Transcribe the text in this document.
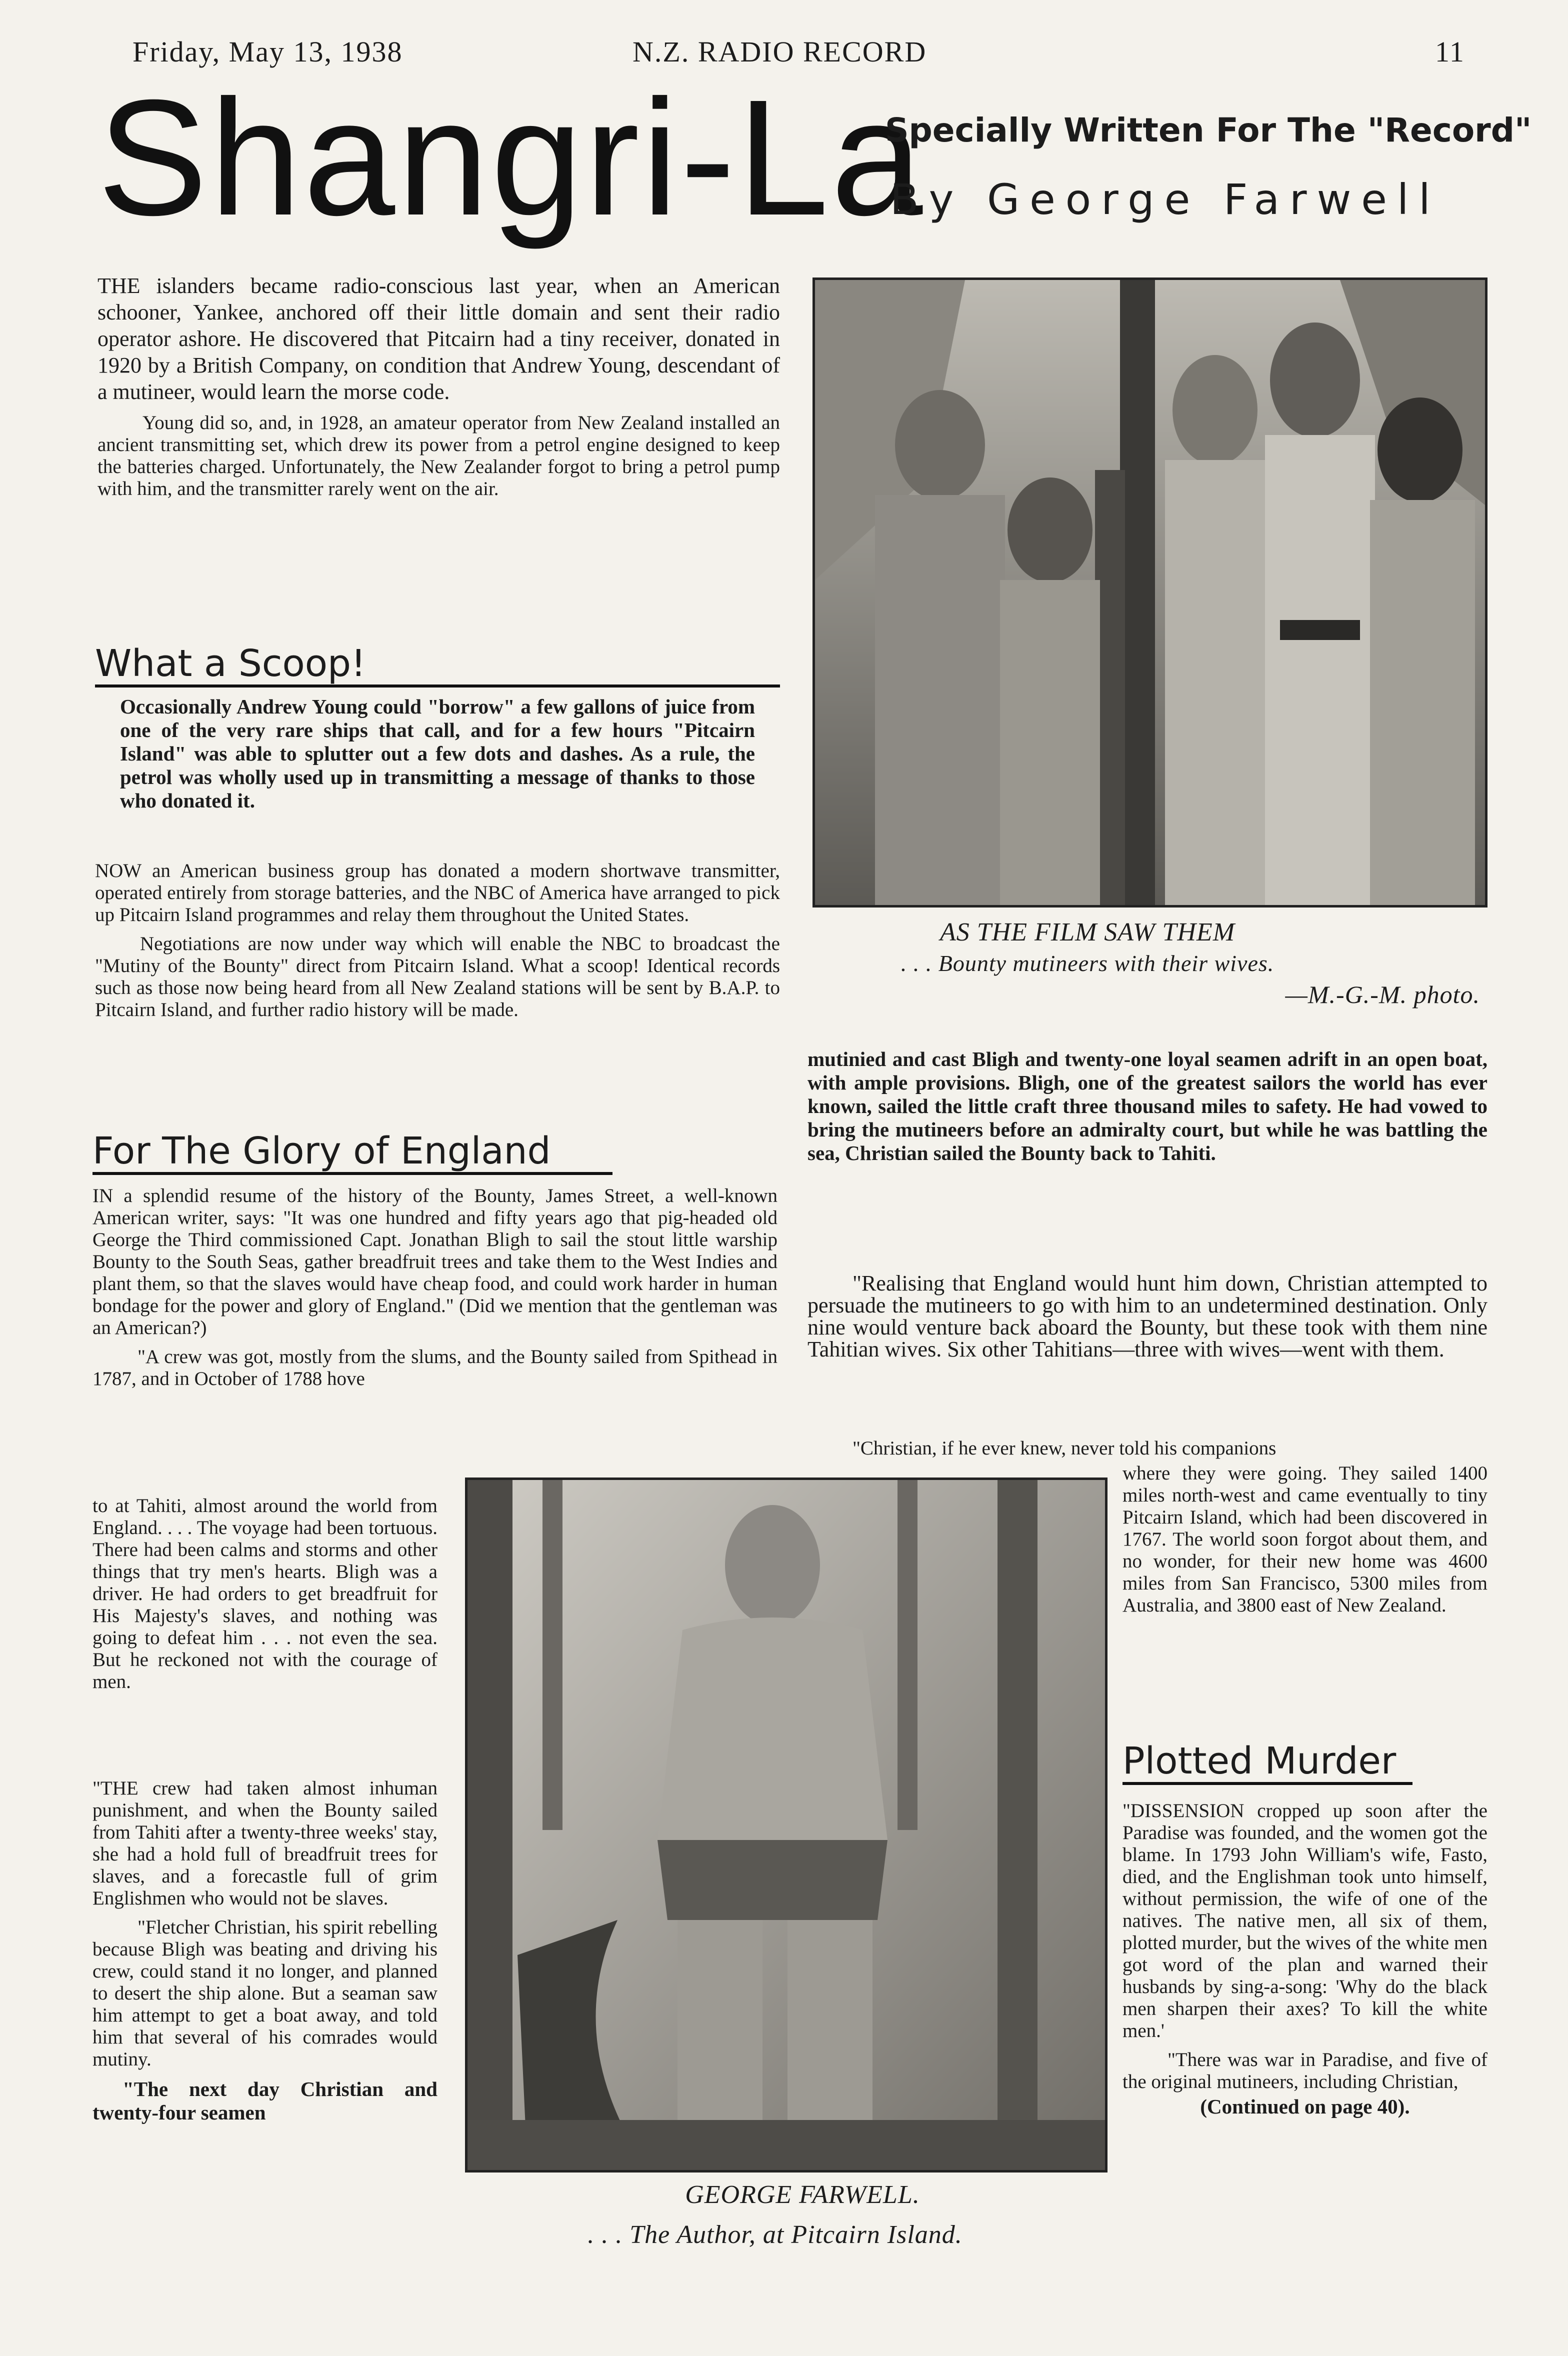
Friday, May 13, 1938	N.Z. RADIO RECORD	11
Shangri-La
Specially Written For The "Record"
By George Farwell

THE islanders became radio-conscious last year, when an American schooner, Yankee, anchored off their little domain and sent their radio operator ashore. He discovered that Pitcairn had a tiny receiver, donated in 1920 by a British Company, on condition that Andrew Young, descendant of a mutineer, would learn the morse code.

Young did so, and, in 1928, an amateur operator from New Zealand installed an ancient transmitting set, which drew its power from a petrol engine designed to keep the batteries charged. Unfortunately, the New Zealander forgot to bring a petrol pump with him, and the transmitter rarely went on the air.

What a Scoop!

Occasionally Andrew Young could "borrow" a few gallons of juice from one of the very rare ships that call, and for a few hours "Pitcairn Island" was able to splutter out a few dots and dashes. As a rule, the petrol was wholly used up in transmitting a message of thanks to those who donated it.

NOW an American business group has donated a modern shortwave transmitter, operated entirely from storage batteries, and the NBC of America have arranged to pick up Pitcairn Island programmes and relay them throughout the United States.

Negotiations are now under way which will enable the NBC to broadcast the "Mutiny of the Bounty" direct from Pitcairn Island. What a scoop! Identical records such as those now being heard from all New Zealand stations will be sent by B.A.P. to Pitcairn Island, and further radio history will be made.

For The Glory of England

IN a splendid resume of the history of the Bounty, James Street, a well-known American writer, says: "It was one hundred and fifty years ago that pig-headed old George the Third commissioned Capt. Jonathan Bligh to sail the stout little warship Bounty to the South Seas, gather breadfruit trees and take them to the West Indies and plant them, so that the slaves would have cheap food, and could work harder in human bondage for the power and glory of England." (Did we mention that the gentleman was an American?)

"A crew was got, mostly from the slums, and the Bounty sailed from Spithead in 1787, and in October of 1788 hove

to at Tahiti, almost around the world from England. . . . The voyage had been tortuous. There had been calms and storms and other things that try men's hearts. Bligh was a driver. He had orders to get breadfruit for His Majesty's slaves, and nothing was going to defeat him . . . not even the sea. But he reckoned not with the courage of men.

"THE crew had taken almost inhuman punishment, and when the Bounty sailed from Tahiti after a twenty-three weeks' stay, she had a hold full of breadfruit trees for slaves, and a forecastle full of grim Englishmen who would not be slaves.

"Fletcher Christian, his spirit rebelling because Bligh was beating and driving his crew, could stand it no longer, and planned to desert the ship alone. But a seaman saw him attempt to get a boat away, and told him that several of his comrades would mutiny.

"The next day Christian and twenty-four seamen

AS THE FILM SAW THEM
. . . Bounty mutineers with their wives.
—M.-G.-M. photo.

mutinied and cast Bligh and twenty-one loyal seamen adrift in an open boat, with ample provisions. Bligh, one of the greatest sailors the world has ever known, sailed the little craft three thousand miles to safety. He had vowed to bring the mutineers before an admiralty court, but while he was battling the sea, Christian sailed the Bounty back to Tahiti.

"Realising that England would hunt him down, Christian attempted to persuade the mutineers to go with him to an undetermined destination. Only nine would venture back aboard the Bounty, but these took with them nine Tahitian wives. Six other Tahitians—three with wives—went with them.

"Christian, if he ever knew, never told his companions

where they were going. They sailed 1400 miles north-west and came eventually to tiny Pitcairn Island, which had been discovered in 1767. The world soon forgot about them, and no wonder, for their new home was 4600 miles from San Francisco, 5300 miles from Australia, and 3800 east of New Zealand.

Plotted Murder

"DISSENSION cropped up soon after the Paradise was founded, and the women got the blame. In 1793 John William's wife, Fasto, died, and the Englishman took unto himself, without permission, the wife of one of the natives. The native men, all six of them, plotted murder, but the wives of the white men got word of the plan and warned their husbands by sing-a-song: 'Why do the black men sharpen their axes? To kill the white men.'

"There was war in Paradise, and five of the original mutineers, including Christian,

(Continued on page 40).

GEORGE FARWELL.
. . . The Author, at Pitcairn Island.
